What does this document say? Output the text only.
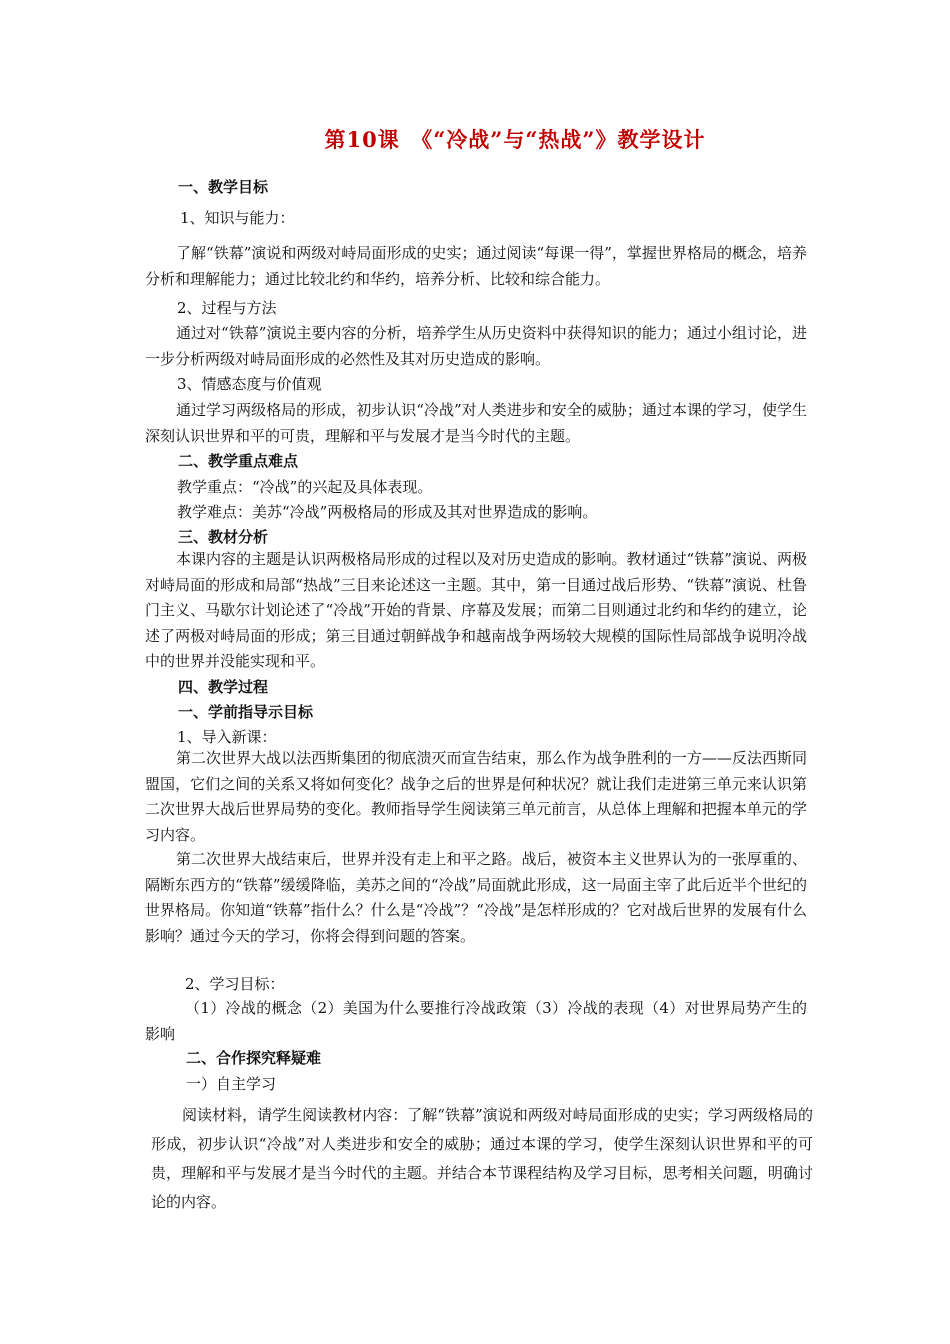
第10课　《“冷战”与“热战”》教学设计
一、教学目标
1、知识与能力：
了解“铁幕”演说和两级对峙局面形成的史实；通过阅读“每课一得”，掌握世界格局的概念，培养分析和理解能力；通过比较北约和华约，培养分析、比较和综合能力。
2、过程与方法
通过对“铁幕”演说主要内容的分析，培养学生从历史资料中获得知识的能力；通过小组讨论，进一步分析两级对峙局面形成的必然性及其对历史造成的影响。
3、情感态度与价值观
通过学习两级格局的形成，初步认识“冷战”对人类进步和安全的威胁；通过本课的学习，使学生深刻认识世界和平的可贵，理解和平与发展才是当今时代的主题。
二、教学重点难点
教学重点：“冷战”的兴起及具体表现。
教学难点：美苏“冷战”两极格局的形成及其对世界造成的影响。
三、教材分析
本课内容的主题是认识两极格局形成的过程以及对历史造成的影响。教材通过“铁幕”演说、两极对峙局面的形成和局部“热战”三目来论述这一主题。其中，第一目通过战后形势、“铁幕”演说、杜鲁门主义、马歇尔计划论述了“冷战”开始的背景、序幕及发展；而第二目则通过北约和华约的建立，论述了两极对峙局面的形成；第三目通过朝鲜战争和越南战争两场较大规模的国际性局部战争说明冷战中的世界并没能实现和平。
四、教学过程
一、学前指导示目标
1、导入新课：
第二次世界大战以法西斯集团的彻底溃灭而宣告结束，那么作为战争胜利的一方——反法西斯同盟国，它们之间的关系又将如何变化？战争之后的世界是何种状况？就让我们走进第三单元来认识第二次世界大战后世界局势的变化。教师指导学生阅读第三单元前言，从总体上理解和把握本单元的学习内容。
第二次世界大战结束后，世界并没有走上和平之路。战后，被资本主义世界认为的一张厚重的、隔断东西方的“铁幕”缓缓降临，美苏之间的“冷战”局面就此形成，这一局面主宰了此后近半个世纪的世界格局。你知道“铁幕”指什么？什么是“冷战”？“冷战”是怎样形成的？它对战后世界的发展有什么影响？通过今天的学习，你将会得到问题的答案。
2、学习目标：
（1）冷战的概念（2）美国为什么要推行冷战政策（3）冷战的表现（4）对世界局势产生的影响
二、合作探究释疑难
一）自主学习
阅读材料，请学生阅读教材内容：了解“铁幕”演说和两级对峙局面形成的史实；学习两级格局的形成，初步认识“冷战”对人类进步和安全的威胁；通过本课的学习，使学生深刻认识世界和平的可贵，理解和平与发展才是当今时代的主题。并结合本节课程结构及学习目标，思考相关问题，明确讨论的内容。
